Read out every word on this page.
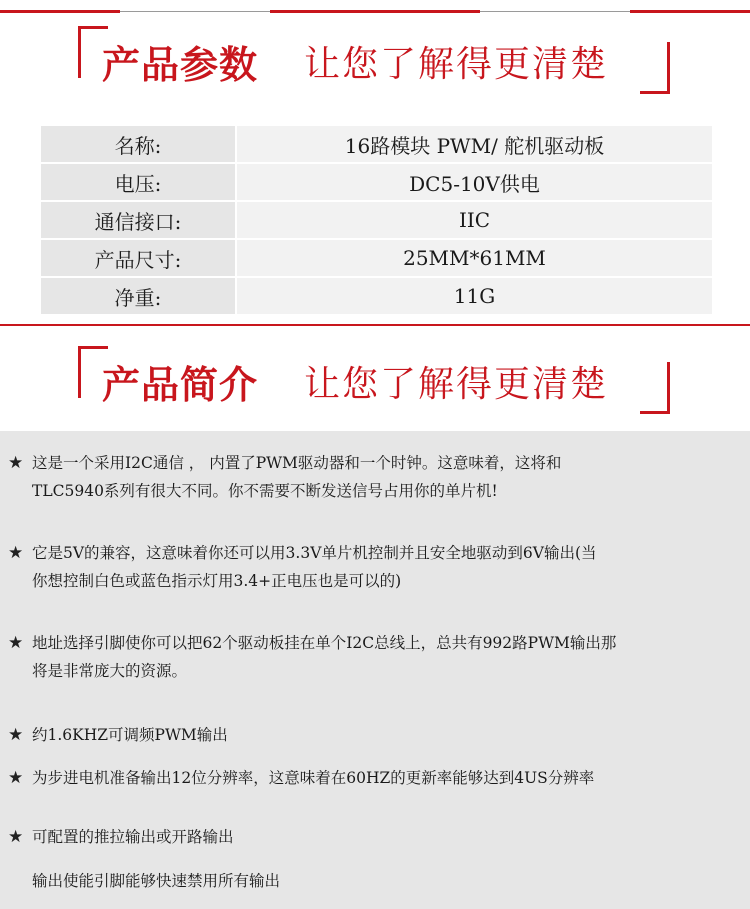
产品参数 让您了解得更清楚
名称:	16路模块 PWM/ 舵机驱动板
电压:	DC5-10V供电
通信接口:	IIC
产品尺寸:	25MM*61MM
净重:	11G
产品简介 让您了解得更清楚
★ 这是一个采用I2C通信 ， 内置了PWM驱动器和一个时钟。这意味着，这将和
TLC5940系列有很大不同。你不需要不断发送信号占用你的单片机!
★ 它是5V的兼容，这意味着你还可以用3.3V单片机控制并且安全地驱动到6V输出(当
你想控制白色或蓝色指示灯用3.4+正电压也是可以的)
★ 地址选择引脚使你可以把62个驱动板挂在单个I2C总线上，总共有992路PWM输出那
将是非常庞大的资源。
★ 约1.6KHZ可调频PWM输出
★ 为步进电机准备输出12位分辨率，这意味着在60HZ的更新率能够达到4US分辨率
★ 可配置的推拉输出或开路输出
输出使能引脚能够快速禁用所有输出
